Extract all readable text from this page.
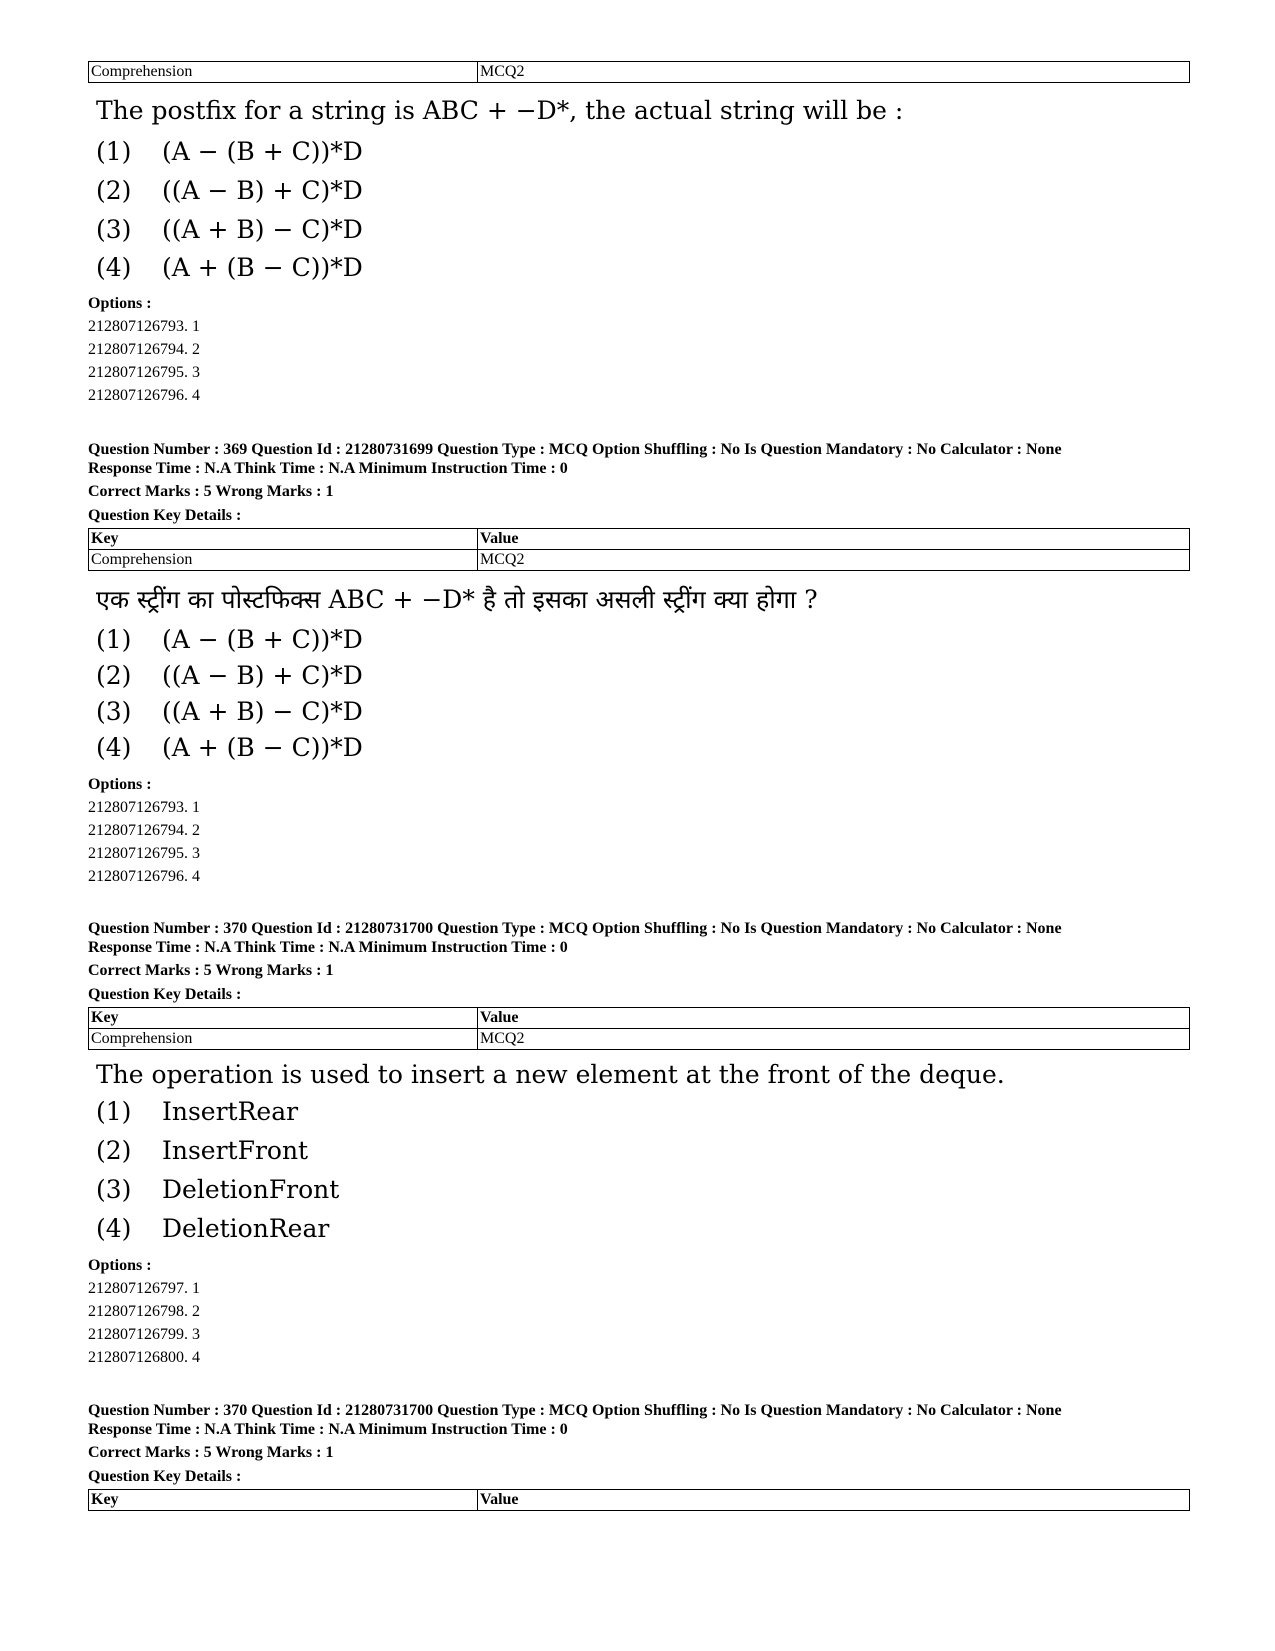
Comprehension	MCQ2
The postfix for a string is ABC + −D*, the actual string will be :
(1) (A − (B + C))*D
(2) ((A − B) + C)*D
(3) ((A + B) − C)*D
(4) (A + (B − C))*D
Options :
212807126793. 1
212807126794. 2
212807126795. 3
212807126796. 4
Question Number : 369 Question Id : 21280731699 Question Type : MCQ Option Shuffling : No Is Question Mandatory : No Calculator : None
Response Time : N.A Think Time : N.A Minimum Instruction Time : 0
Correct Marks : 5 Wrong Marks : 1
Question Key Details :
Key	Value
Comprehension	MCQ2
एक स्ट्रींग का पोस्टफिक्स ABC + −D* है तो इसका असली स्ट्रींग क्या होगा ?
(1) (A − (B + C))*D
(2) ((A − B) + C)*D
(3) ((A + B) − C)*D
(4) (A + (B − C))*D
Options :
212807126793. 1
212807126794. 2
212807126795. 3
212807126796. 4
Question Number : 370 Question Id : 21280731700 Question Type : MCQ Option Shuffling : No Is Question Mandatory : No Calculator : None
Response Time : N.A Think Time : N.A Minimum Instruction Time : 0
Correct Marks : 5 Wrong Marks : 1
Question Key Details :
Key	Value
Comprehension	MCQ2
The operation is used to insert a new element at the front of the deque.
(1) InsertRear
(2) InsertFront
(3) DeletionFront
(4) DeletionRear
Options :
212807126797. 1
212807126798. 2
212807126799. 3
212807126800. 4
Question Number : 370 Question Id : 21280731700 Question Type : MCQ Option Shuffling : No Is Question Mandatory : No Calculator : None
Response Time : N.A Think Time : N.A Minimum Instruction Time : 0
Correct Marks : 5 Wrong Marks : 1
Question Key Details :
Key	Value
